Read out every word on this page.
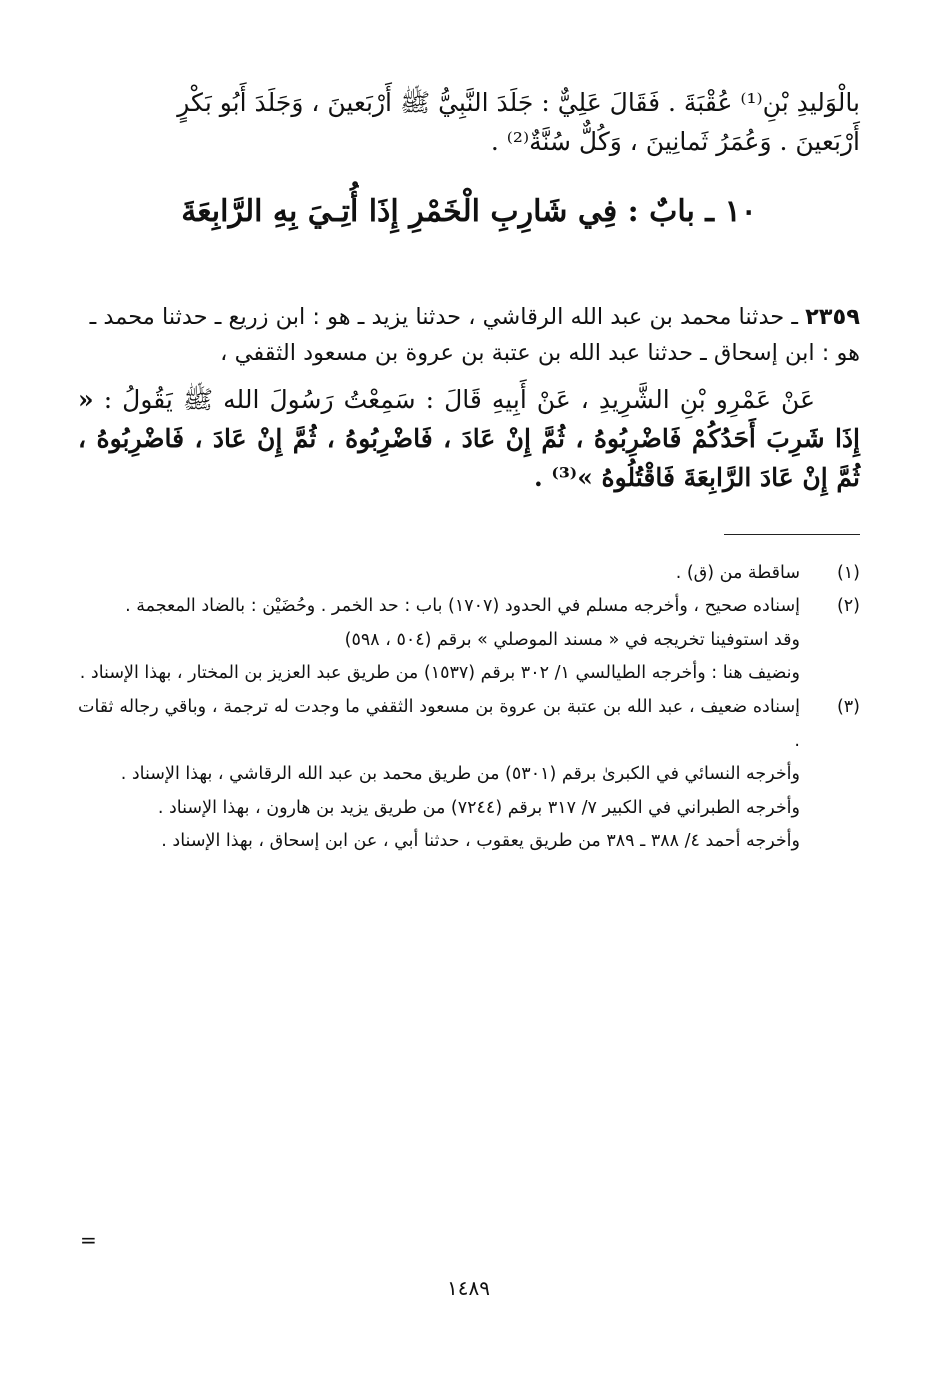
بالْوَليدِ بْنِ⁽¹⁾ عُقْبَةَ . فَقَالَ عَلِيٌّ : جَلَدَ النَّبِيُّ ﷺ أَرْبَعينَ ، وَجَلَدَ أَبُو بَكْرٍ

أَرْبَعينَ . وَعُمَرُ ثَمانِينَ ، وَكُلٌّ سُنَّةٌ⁽²⁾ .

١٠ ـ بابٌ : فِي شَارِبِ الْخَمْرِ إِذَا أُتِـيَ بِهِ الرَّابِعَةَ
٢٣٥٩ ـ حدثنا محمد بن عبد الله الرقاشي ، حدثنا يزيد ـ هو : ابن زريع ـ حدثنا محمد ـ هو : ابن إسحاق ـ حدثنا عبد الله بن عتبة بن عروة بن مسعود الثقفي ،
عَنْ عَمْرِو بْنِ الشَّرِيدِ ، عَنْ أَبِيهِ قَالَ : سَمِعْتُ رَسُولَ الله ﷺ يَقُولُ : « إِذَا شَرِبَ أَحَدُكُمْ فَاضْرِبُوهُ ، ثُمَّ إِنْ عَادَ ، فَاضْرِبُوهُ ، ثُمَّ إِنْ عَادَ ، فَاضْرِبُوهُ ، ثُمَّ إِنْ عَادَ الرَّابِعَةَ فَاقْتُلُوهُ »⁽³⁾ .
(١)
ساقطة من (ق) .
(٢)
إسناده صحيح ، وأخرجه مسلم في الحدود (١٧٠٧) باب : حد الخمر . وحُضَيْن : بالضاد المعجمة .
وقد استوفينا تخريجه في « مسند الموصلي » برقم (٥٠٤ ، ٥٩٨)
ونضيف هنا : وأخرجه الطيالسي ١/ ٣٠٢ برقم (١٥٣٧) من طريق عبد العزيز بن المختار ، بهذا الإسناد .
(٣)
إسناده ضعيف ، عبد الله بن عتبة بن عروة بن مسعود الثقفي ما وجدت له ترجمة ، وباقي رجاله ثقات .
وأخرجه النسائي في الكبرىٰ برقم (٥٣٠١) من طريق محمد بن عبد الله الرقاشي ، بهذا الإسناد .
وأخرجه الطبراني في الكبير ٧/ ٣١٧ برقم (٧٢٤٤) من طريق يزيد بن هارون ، بهذا الإسناد .
وأخرجه أحمد ٤/ ٣٨٨ ـ ٣٨٩ من طريق يعقوب ، حدثنا أبي ، عن ابن إسحاق ، بهذا الإسناد .
=
١٤٨٩
